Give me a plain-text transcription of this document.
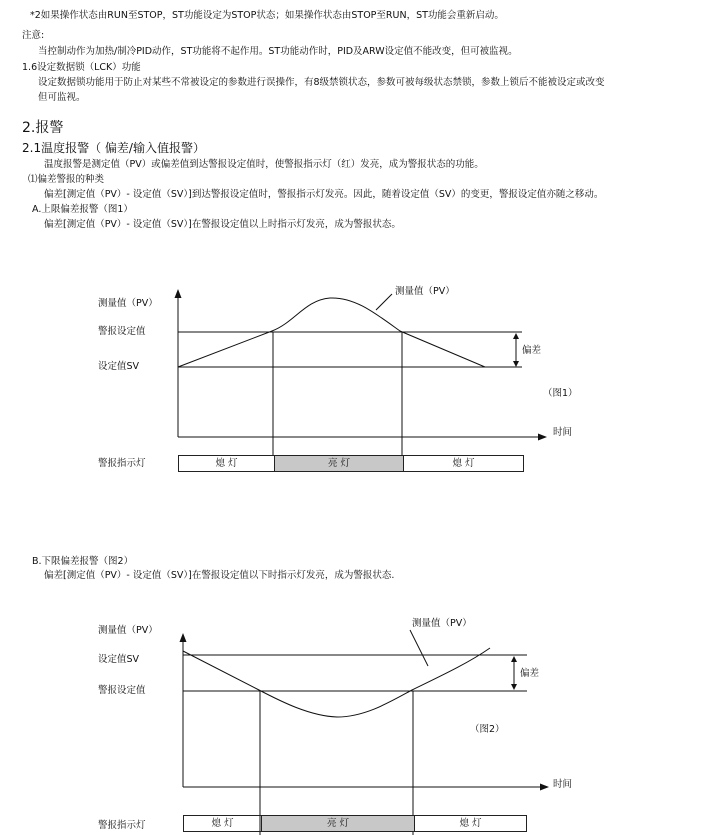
*2如果操作状态由RUN至STOP，ST功能设定为STOP状态；如果操作状态由STOP至RUN，ST功能会重新启动。
注意:
当控制动作为加热/制冷PID动作，ST功能将不起作用。ST功能动作时，PID及ARW设定值不能改变，但可被监视。
1.6设定数据锁（LCK）功能
设定数据锁功能用于防止对某些不常被设定的参数进行误操作，有8级禁锁状态，参数可被每级状态禁锁，参数上锁后不能被设定或改变
但可监视。
2.报警
2.1温度报警（ 偏差/输入值报警）
温度报警是测定值（PV）或偏差值到达警报设定值时，使警报指示灯（红）发亮，成为警报状态的功能。
⑴偏差警报的种类
偏差[测定值（PV）- 设定值（SV）]到达警报设定值时，警报指示灯发亮。因此，随着设定值（SV）的变更，警报设定值亦随之移动。
A.上限偏差报警（图1）
偏差[测定值（PV）- 设定值（SV）]在警报设定值以上时指示灯发亮，成为警报状态。
测量值（PV）
警报设定值
设定值SV
测量值（PV）
偏差
（图1）
时间
警报指示灯	熄 灯	亮 灯	熄 灯
B.下限偏差报警（图2）
偏差[测定值（PV）- 设定值（SV）]在警报设定值以下时指示灯发亮，成为警报状态.
测量值（PV）
设定值SV
警报设定值
测量值（PV）
偏差
（图2）
时间
警报指示灯	熄 灯	亮 灯	熄 灯
